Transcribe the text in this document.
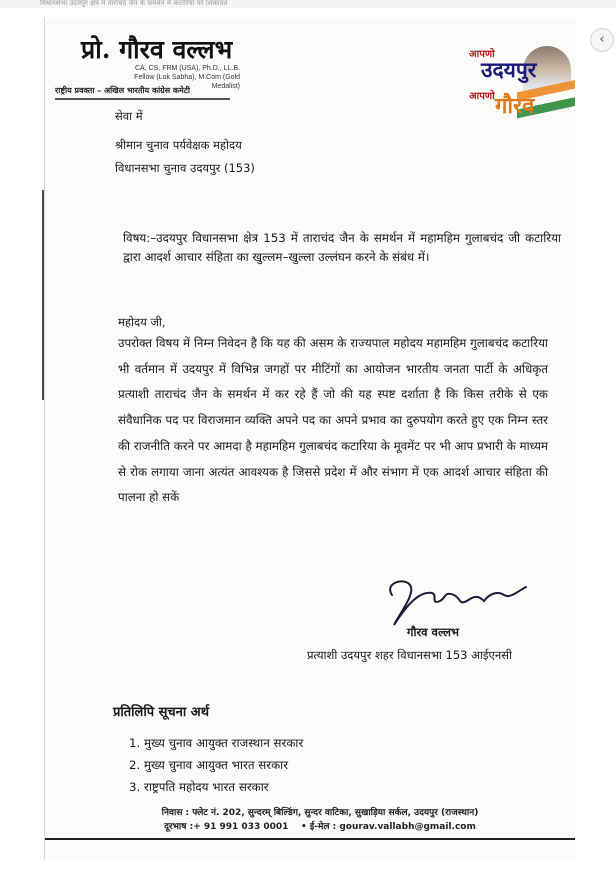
विधानसभा उदयपुर क्षेत्र में ताराचंद जैन के समर्थन में कटारिया पर शिकायत
‹
प्रो. गौरव वल्लभ
CA, CS, FRM (USA), Ph.D., LL.B.
Fellow (Lok Sabha), M.Com (Gold Medalist)
राष्ट्रीय प्रवक्ता – अखिल भारतीय कांग्रेस कमेटी
आपणो
उदयपुर
आपणो गौरव
सेवा में
श्रीमान चुनाव पर्यवेक्षक महोदय
विधानसभा चुनाव उदयपुर (153)
विषय:–उदयपुर विधानसभा क्षेत्र 153 में ताराचंद जैन के समर्थन में महामहिम गुलाबचंद जी कटारिया द्वारा आदर्श आचार संहिता का खुल्लम–खुल्ला उल्लंघन करने के संबंध में।
महोदय जी,
उपरोक्त विषय में निम्न निवेदन है कि यह की असम के राज्यपाल महोदय महामहिम गुलाबचंद कटारिया भी वर्तमान में उदयपुर में विभिन्न जगहों पर मीटिंगों का आयोजन भारतीय जनता पार्टी के अधिकृत प्रत्याशी ताराचंद जैन के समर्थन में कर रहे हैं जो की यह स्पष्ट दर्शाता है कि किस तरीके से एक संवैधानिक पद पर विराजमान व्यक्ति अपने पद का अपने प्रभाव का दुरुपयोग करते हुए एक निम्न स्तर की राजनीति करने पर आमदा है महामहिम गुलाबचंद कटारिया के मूवमेंट पर भी आप प्रभारी के माध्यम से रोक लगाया जाना अत्यंत आवश्यक है जिससे प्रदेश में और संभाग में एक आदर्श आचार संहिता की पालना हो सकें
गौरव वल्लभ
प्रत्याशी उदयपुर शहर विधानसभा 153 आईएनसी
प्रतिलिपि सूचना अर्थ
1. मुख्य चुनाव आयुक्त राजस्थान सरकार
2. मुख्य चुनाव आयुक्त भारत सरकार
3. राष्ट्रपति महोदय भारत सरकार
निवास : फ्लेट नं. 202, सुन्दरम् बिल्डिंग, सुन्दर वाटिका, सुखाड़िया सर्कल, उदयपुर (राजस्थान)
दूरभाष :+ 91 991 033 0001 • ई-मेल : gourav.vallabh@gmail.com
